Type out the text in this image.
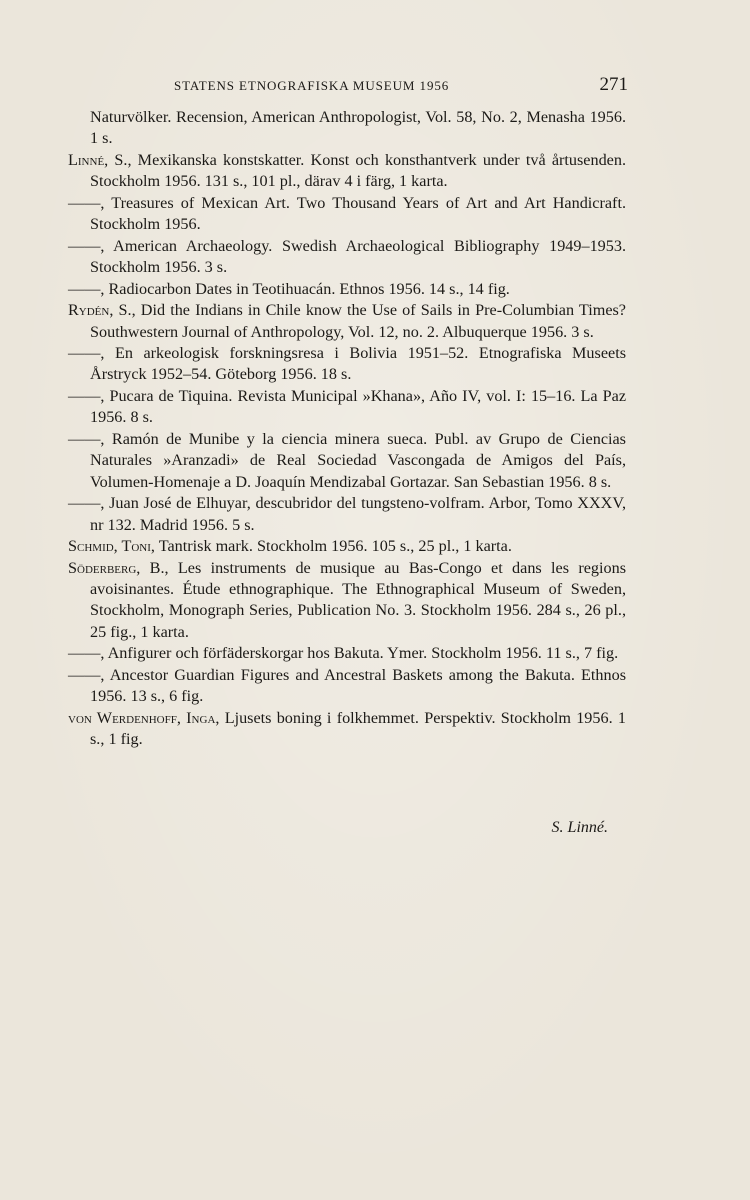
STATENS ETNOGRAFISKA MUSEUM 1956	271

Naturvölker. Recension, American Anthropologist, Vol. 58, No. 2, Menasha 1956. 1 s.

Linné, S., Mexikanska konstskatter. Konst och konsthantverk under två årtusenden. Stockholm 1956. 131 s., 101 pl., därav 4 i färg, 1 karta.

——, Treasures of Mexican Art. Two Thousand Years of Art and Art Handicraft. Stockholm 1956.

——, American Archaeology. Swedish Archaeological Bibliography 1949–1953. Stockholm 1956. 3 s.

——, Radiocarbon Dates in Teotihuacán. Ethnos 1956. 14 s., 14 fig.

Rydén, S., Did the Indians in Chile know the Use of Sails in Pre-Columbian Times? Southwestern Journal of Anthropology, Vol. 12, no. 2. Albuquerque 1956. 3 s.

——, En arkeologisk forskningsresa i Bolivia 1951–52. Etnografiska Museets Årstryck 1952–54. Göteborg 1956. 18 s.

——, Pucara de Tiquina. Revista Municipal »Khana», Año IV, vol. I: 15–16. La Paz 1956. 8 s.

——, Ramón de Munibe y la ciencia minera sueca. Publ. av Grupo de Ciencias Naturales »Aranzadi» de Real Sociedad Vascongada de Amigos del País, Volumen-Homenaje a D. Joaquín Mendizabal Gortazar. San Sebastian 1956. 8 s.

——, Juan José de Elhuyar, descubridor del tungsteno-volfram. Arbor, Tomo XXXV, nr 132. Madrid 1956. 5 s.

Schmid, Toni, Tantrisk mark. Stockholm 1956. 105 s., 25 pl., 1 karta.

Söderberg, B., Les instruments de musique au Bas-Congo et dans les regions avoisinantes. Étude ethnographique. The Ethnographical Museum of Sweden, Stockholm, Monograph Series, Publication No. 3. Stockholm 1956. 284 s., 26 pl., 25 fig., 1 karta.

——, Anfigurer och förfäderskorgar hos Bakuta. Ymer. Stockholm 1956. 11 s., 7 fig.

——, Ancestor Guardian Figures and Ancestral Baskets among the Bakuta. Ethnos 1956. 13 s., 6 fig.

von Werdenhoff, Inga, Ljusets boning i folkhemmet. Perspektiv. Stockholm 1956. 1 s., 1 fig.

S. Linné.
